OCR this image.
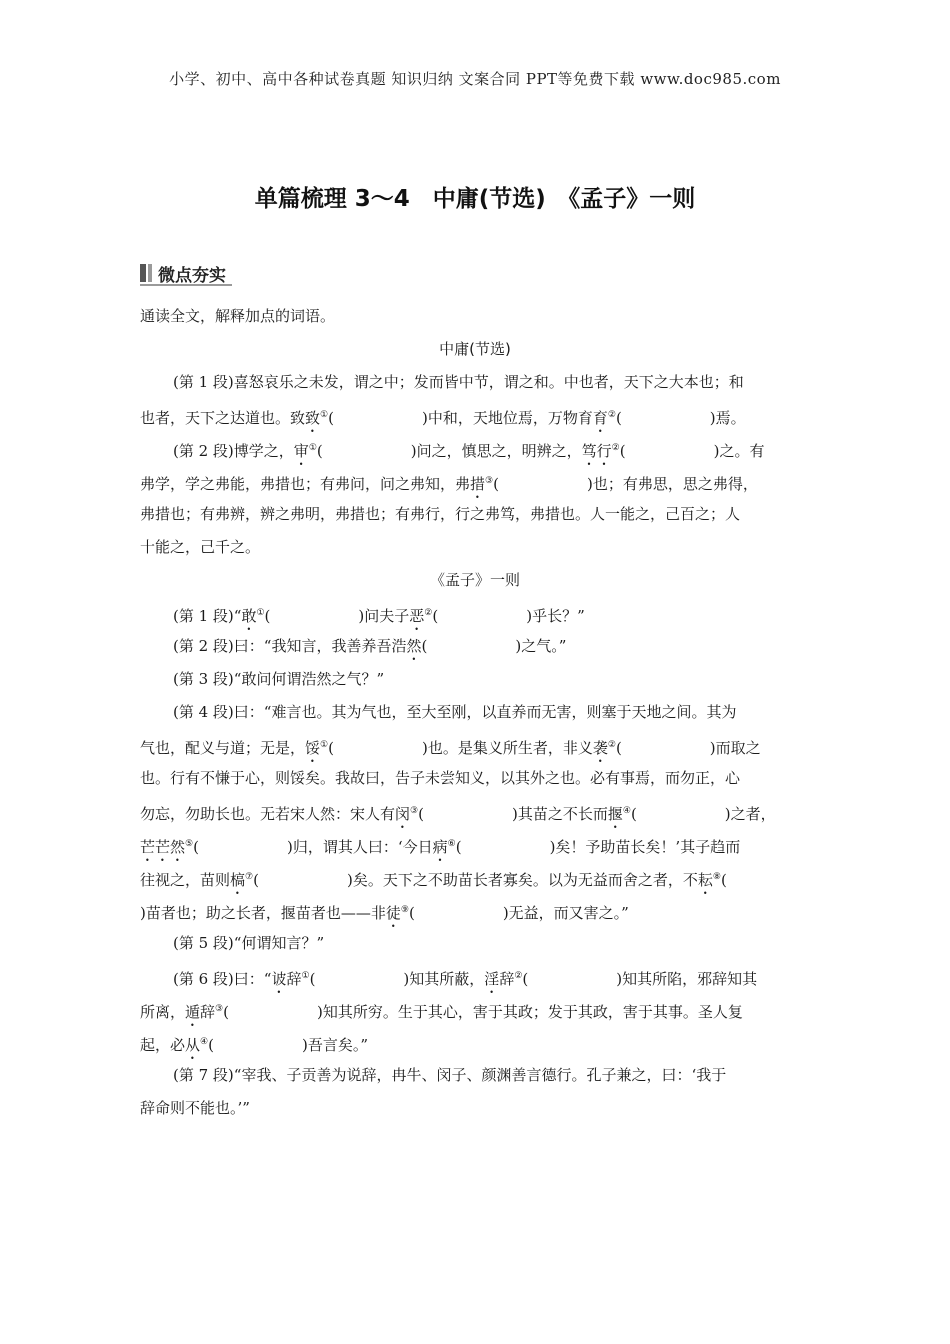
小学、初中、高中各种试卷真题 知识归纳 文案合同 PPT等免费下载 www.doc985.com
单篇梳理 3～4　中庸(节选)　《孟子》一则
微点夯实
通读全文，解释加点的词语。
中庸(节选)
(第 1 段)喜怒哀乐之未发，谓之中；发而皆中节，谓之和。中也者，天下之大本也；和
也者，天下之达道也。致致①(	)中和，天地位焉，万物育育②(	)焉。
(第 2 段)博学之，审①(	)问之，慎思之，明辨之，笃行②(	)之。有
弗学，学之弗能，弗措也；有弗问，问之弗知，弗措③(	)也；有弗思，思之弗得，
弗措也；有弗辨，辨之弗明，弗措也；有弗行，行之弗笃，弗措也。人一能之，己百之；人
十能之，己千之。
《孟子》一则
(第 1 段)“敢①(	)问夫子恶②(	)乎长？”
(第 2 段)曰：“我知言，我善养吾浩然(	)之气。”
(第 3 段)“敢问何谓浩然之气？”
(第 4 段)曰：“难言也。其为气也，至大至刚，以直养而无害，则塞于天地之间。其为
气也，配义与道；无是，馁①(	)也。是集义所生者，非义袭②(	)而取之
也。行有不慊于心，则馁矣。我故曰，告子未尝知义，以其外之也。必有事焉，而勿正，心
勿忘，勿助长也。无若宋人然：宋人有闵③(	)其苗之不长而揠④(	)之者，
芒芒然⑤(	)归，谓其人曰：‘今日病⑥(	)矣！予助苗长矣！’其子趋而
往视之，苗则槁⑦(	)矣。天下之不助苗长者寡矣。以为无益而舍之者，不耘⑧(
)苗者也；助之长者，揠苗者也——非徒⑨(	)无益，而又害之。”
(第 5 段)“何谓知言？”
(第 6 段)曰：“诐辞①(	)知其所蔽，淫辞②(	)知其所陷，邪辞知其
所离，遁辞③(	)知其所穷。生于其心，害于其政；发于其政，害于其事。圣人复
起，必从④(	)吾言矣。”
(第 7 段)“宰我、子贡善为说辞，冉牛、闵子、颜渊善言德行。孔子兼之，曰：‘我于
辞命则不能也。’”
